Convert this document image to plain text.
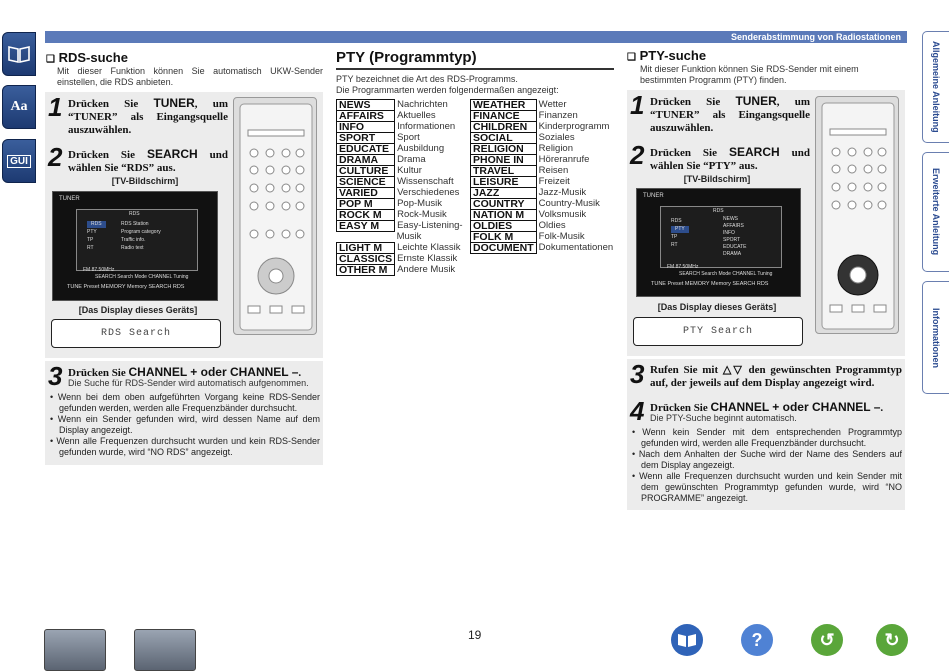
Aa
GUI
Senderabstimmung von Radiostationen
Allgemeine Anleitung
Erweiterte Anleitung
Informationen
❑ RDS-suche
Mit dieser Funktion können Sie automatisch UKW-Sender einstellen, die RDS anbieten.
1 Drücken Sie TUNER, um “TUNER” als Eingangsquelle auszuwählen.
2 Drücken Sie SEARCH und wählen Sie “RDS” aus.
[TV-Bildschirm]
TUNER
RDS
RDS
PTY
TP
RT
RDS Station
Program category
Traffic info.
Radio text
FM 87.50MHz
SEARCH Search Mode CHANNEL Tuning
TUNE Preset MEMORY Memory SEARCH RDS
[Das Display dieses Geräts]
RDS Search
3 Drücken Sie CHANNEL + oder CHANNEL –.
Die Suche für RDS-Sender wird automatisch aufgenommen.
• Wenn bei dem oben aufgeführten Vorgang keine RDS-Sender gefunden werden, werden alle Frequenzbänder durchsucht.
• Wenn ein Sender gefunden wird, wird dessen Name auf dem Display angezeigt.
• Wenn alle Frequenzen durchsucht wurden und kein RDS-Sender gefunden wurde, wird “NO RDS” angezeigt.
PTY (Programmtyp)
PTY bezeichnet die Art des RDS-Programms.
Die Programmarten werden folgendermaßen angezeigt:
NEWS	Nachrichten
AFFAIRS	Aktuelles
INFO	Informationen
SPORT	Sport
EDUCATE	Ausbildung
DRAMA	Drama
CULTURE	Kultur
SCIENCE	Wissenschaft
VARIED	Verschiedenes
POP M	Pop-Musik
ROCK M	Rock-Musik
EASY M	Easy-Listening-
	Musik
LIGHT M	Leichte Klassik
CLASSICS	Ernste Klassik
OTHER M	Andere Musik
WEATHER	Wetter
FINANCE	Finanzen
CHILDREN	Kinderprogramm
SOCIAL	Soziales
RELIGION	Religion
PHONE IN	Höreranrufe
TRAVEL	Reisen
LEISURE	Freizeit
JAZZ	Jazz-Musik
COUNTRY	Country-Musik
NATION M	Volksmusik
OLDIES	Oldies
FOLK M	Folk-Musik
DOCUMENT	Dokumentationen
❑ PTY-suche
Mit dieser Funktion können Sie RDS-Sender mit einem bestimmten Programm (PTY) finden.
1 Drücken Sie TUNER, um “TUNER” als Eingangsquelle auszuwählen.
2 Drücken Sie SEARCH und wählen Sie “PTY” aus.
[TV-Bildschirm]
TUNER
RDS
RDS
PTY
TP
RT
NEWS
AFFAIRS
INFO
SPORT
EDUCATE
DRAMA
FM 87.50MHz
SEARCH Search Mode CHANNEL Tuning
TUNE Preset MEMORY Memory SEARCH RDS
[Das Display dieses Geräts]
PTY Search
3 Rufen Sie mit △▽ den gewünschten Programmtyp auf, der jeweils auf dem Display angezeigt wird.
4 Drücken Sie CHANNEL + oder CHANNEL –.
Die PTY-Suche beginnt automatisch.
• Wenn kein Sender mit dem entsprechenden Programmtyp gefunden wird, werden alle Frequenzbänder durchsucht.
• Nach dem Anhalten der Suche wird der Name des Senders auf dem Display angezeigt.
• Wenn alle Frequenzen durchsucht wurden und kein Sender mit dem gewünschten Programmtyp gefunden wurde, wird “NO PROGRAMME” angezeigt.
19	?	↺	↻
